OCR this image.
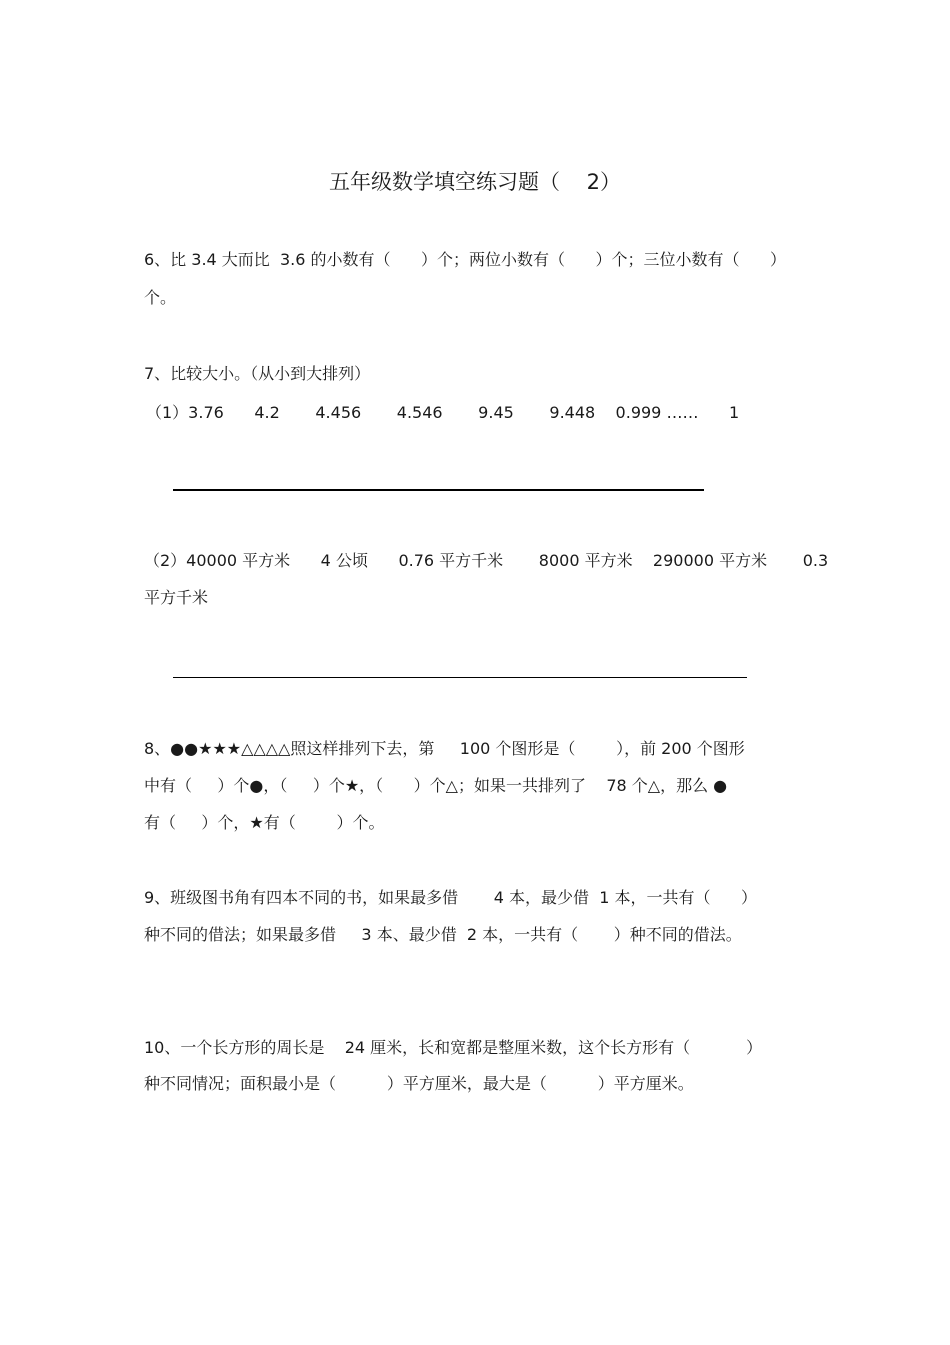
五年级数学填空练习题（    2）
6、比 3.4 大而比  3.6 的小数有（      ）个；两位小数有（      ）个；三位小数有（      ）
个。
7、比较大小。（从小到大排列）
（1）3.76      4.2       4.456       4.546       9.45       9.448    0.999 ……      1
（2）40000 平方米      4 公顷      0.76 平方千米       8000 平方米    290000 平方米       0.3
平方千米
8、●●★★★△△△△照这样排列下去，第     100 个图形是（        ），前 200 个图形
中有（     ）个●，（     ）个★，（      ）个△；如果一共排列了    78 个△，那么 ●
有（     ）个，★有（        ）个。
9、班级图书角有四本不同的书，如果最多借       4 本，最少借  1 本，一共有（      ）
种不同的借法；如果最多借     3 本、最少借  2 本，一共有（       ）种不同的借法。
10、一个长方形的周长是    24 厘米，长和宽都是整厘米数，这个长方形有（           ）
种不同情况；面积最小是（          ）平方厘米，最大是（          ）平方厘米。
